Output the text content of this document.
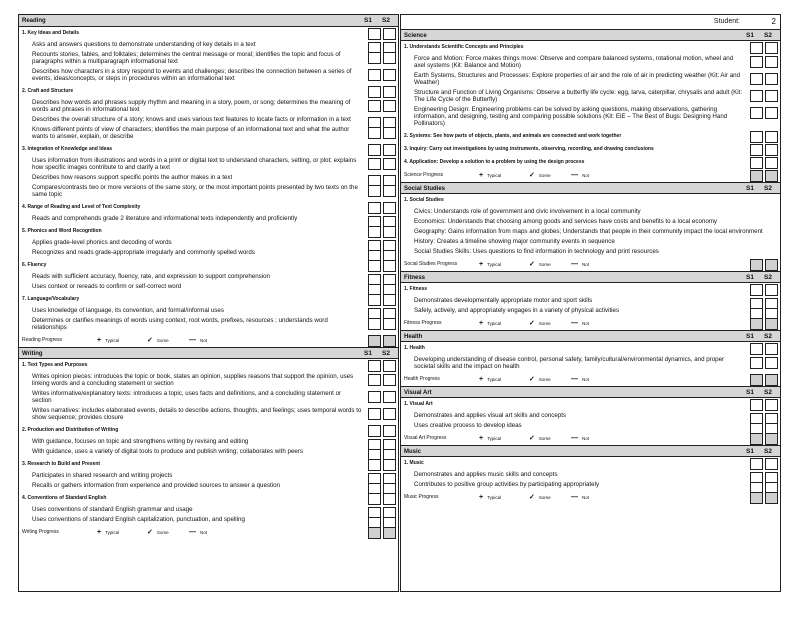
Reading	S1 S2
1. Key Ideas and Details
Asks and answers questions to demonstrate understanding of key details in a text
Recounts stories, fables, and folktales; determines the central message or moral; identifies the topic and focus of paragraphs within a multiparagraph informational text
Describes how characters in a story respond to events and challenges; describes the connection between a series of events, ideas/concepts, or steps in procedures within an informational text
2. Craft and Structure
Describes how words and phrases supply rhythm and meaning in a story, poem, or song; determines the meaning of words and phrases in informational text
Describes the overall structure of a story; knows and uses various text features to locate facts or information in a text
Knows different points of view of characters; identifies the main purpose of an informational text and what the author wants to answer, explain, or describe
3. Integration of Knowledge and Ideas
Uses information from illustrations and words in a print or digital text to understand characters, setting, or plot; explains how specific images contribute to and clarify a text
Describes how reasons support specific points the author makes in a text
Compares/contrasts two or more versions of the same story, or the most important points presented by two texts on the same topic
4. Range of Reading and Level of Text Complexity
Reads and comprehends grade 2 literature and informational texts independently and proficiently
5. Phonics and Word Recognition
Applies grade-level phonics and decoding of words
Recognizes and reads grade-appropriate irregularly and commonly spelled words
6. Fluency
Reads with sufficient accuracy, fluency, rate, and expression to support comprehension
Uses context or rereads to confirm or self-correct word
7. Language/Vocabulary
Uses knowledge of language, its convention, and formal/informal uses
Determines or clarifies meanings of words using context, root words, prefixes, resources ; understands word relationships
Reading Progress	+ Typical	✓ Some	— Not
Writing	S1 S2
1. Text Types and Purposes
Writes opinion pieces: introduces the topic or book, states an opinion, supplies reasons that support the opinion, uses linking words and a concluding statement or section
Writes informative/explanatory texts: introduces a topic, uses facts and definitions, and a concluding statement or section
Writes narratives: includes elaborated events, details to describe actions, thoughts, and feelings; uses temporal words to show sequence; provides closure
2. Production and Distribution of Writing
With guidance, focuses on topic and strengthens writing by revising and editing
With guidance, uses a variety of digital tools to produce and publish writing; collaborates with peers
3. Research to Build and Present
Participates in shared research and writing projects
Recalls or gathers information from experience and provided sources to answer a question
4. Conventions of Standard English
Uses conventions of standard English grammar and usage
Uses conventions of standard English capitalization, punctuation, and spelling
Writing Progress	+ Typical	✓ Some	— Not
Student:	2
Science	S1 S2
1. Understands Scientific Concepts and Principles
Force and Motion: Force makes things move: Observe and compare balanced systems, rotational motion, wheel and axel systems (Kit: Balance and Motion)
Earth Systems, Structures and Processes: Explore properties of air and the role of air in predicting weather (Kit: Air and Weather)
Structure and Function of Living Organisms: Observe a butterfly life cycle: egg, larva, caterpillar, chrysalis and adult (Kit: The Life Cycle of the Butterfly)
Engineering Design: Engineering problems can be solved by asking questions, making observations, gathering information, and designing, testing and comparing possible solutions (Kit: EiE – The Best of Bugs: Designing Hand Pollinators)
2. Systems: See how parts of objects, plants, and animals are connected and work together
3. Inquiry: Carry out investigations by using instruments, observing, recording, and drawing conclusions
4. Application: Develop a solution to a problem by using the design process
Science Progress	+ Typical	✓ Some	— Not
Social Studies	S1 S2
1. Social Studies
Civics: Understands role of government and civic involvement in a local community
Economics: Understands that choosing among goods and services have costs and benefits to a local economy
Geography: Gains information from maps and globes; Understands that people in their community impact the local environment
History: Creates a timeline showing major community events in sequence
Social Studies Skills: Uses questions to find information in technology and print resources
Social Studies Progress	+ Typical	✓ Some	— Not
Fitness	S1 S2
1. Fitness
Demonstrates developmentally appropriate motor and sport skills
Safely, actively, and appropriately engages in a variety of physical activities
Fitness Progress	+ Typical	✓ Some	— Not
Health	S1 S2
1. Health
Developing understanding of disease control, personal safety, family/cultural/environmental dynamics, and proper societal skills and the impact on health
Health Progress	+ Typical	✓ Some	— Not
Visual Art	S1 S2
1. Visual Art
Demonstrates and applies visual art skills and concepts
Uses creative process to develop ideas
Visual Art Progress	+ Typical	✓ Some	— Not
Music	S1 S2
1. Music
Demonstrates and applies music skills and concepts
Contributes to positive group activities by participating appropriately
Music Progress	+ Typical	✓ Some	— Not
